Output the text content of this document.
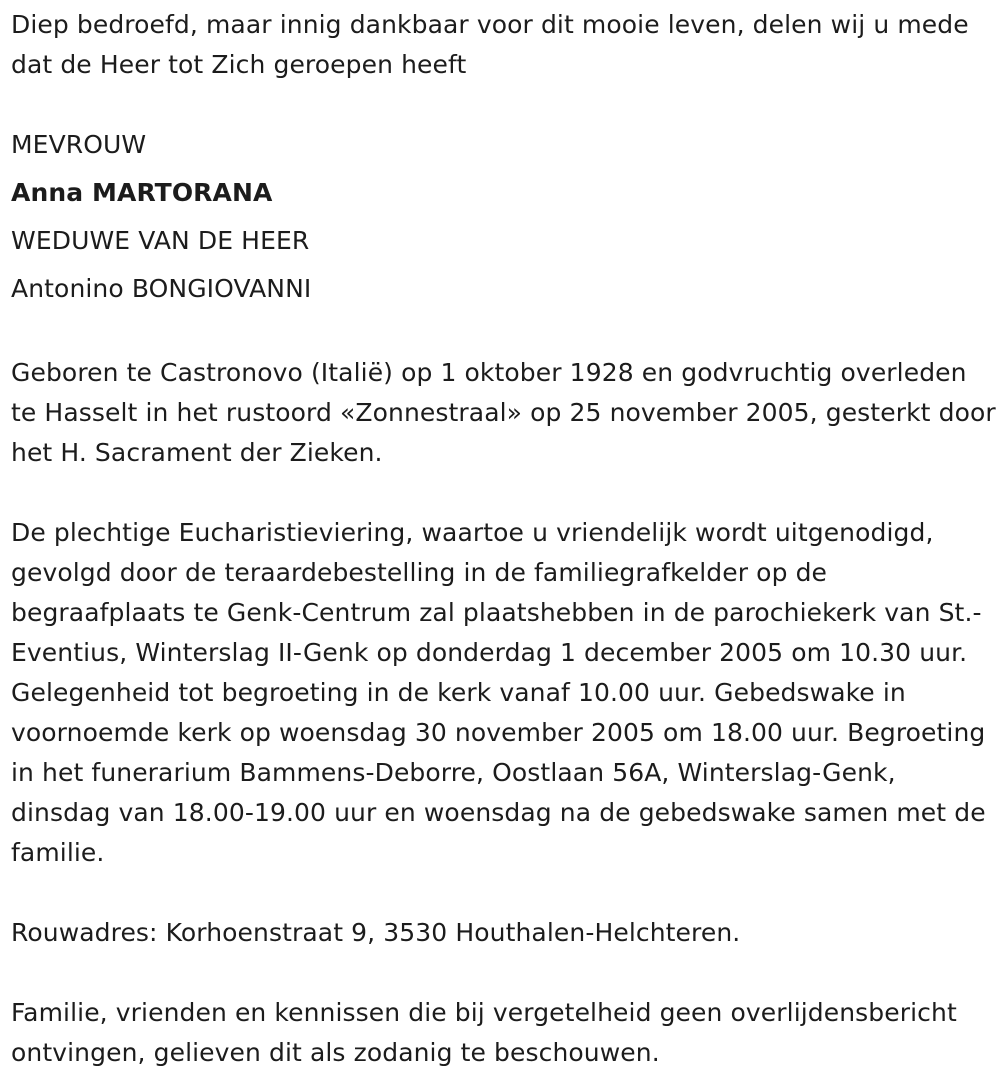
Diep bedroefd, maar innig dankbaar voor dit mooie leven, delen wij u mede dat de Heer tot Zich geroepen heeft

MEVROUW

Anna MARTORANA

WEDUWE VAN DE HEER

Antonino BONGIOVANNI

Geboren te Castronovo (Italië) op 1 oktober 1928 en godvruchtig overleden te Hasselt in het rustoord «Zonnestraal» op 25 november 2005, gesterkt door het H. Sacrament der Zieken.

De plechtige Eucharistieviering, waartoe u vriendelijk wordt uitgenodigd, gevolgd door de teraardebestelling in de familiegrafkelder op de begraafplaats te Genk-Centrum zal plaatshebben in de parochiekerk van St.-Eventius, Winterslag II-Genk op donderdag 1 december 2005 om 10.30 uur. Gelegenheid tot begroeting in de kerk vanaf 10.00 uur. Gebedswake in voornoemde kerk op woensdag 30 november 2005 om 18.00 uur. Begroeting in het funerarium Bammens-Deborre, Oostlaan 56A, Winterslag-Genk, dinsdag van 18.00-19.00 uur en woensdag na de gebedswake samen met de familie.

Rouwadres: Korhoenstraat 9, 3530 Houthalen-Helchteren.

Familie, vrienden en kennissen die bij vergetelheid geen overlijdensbericht ontvingen, gelieven dit als zodanig te beschouwen.
